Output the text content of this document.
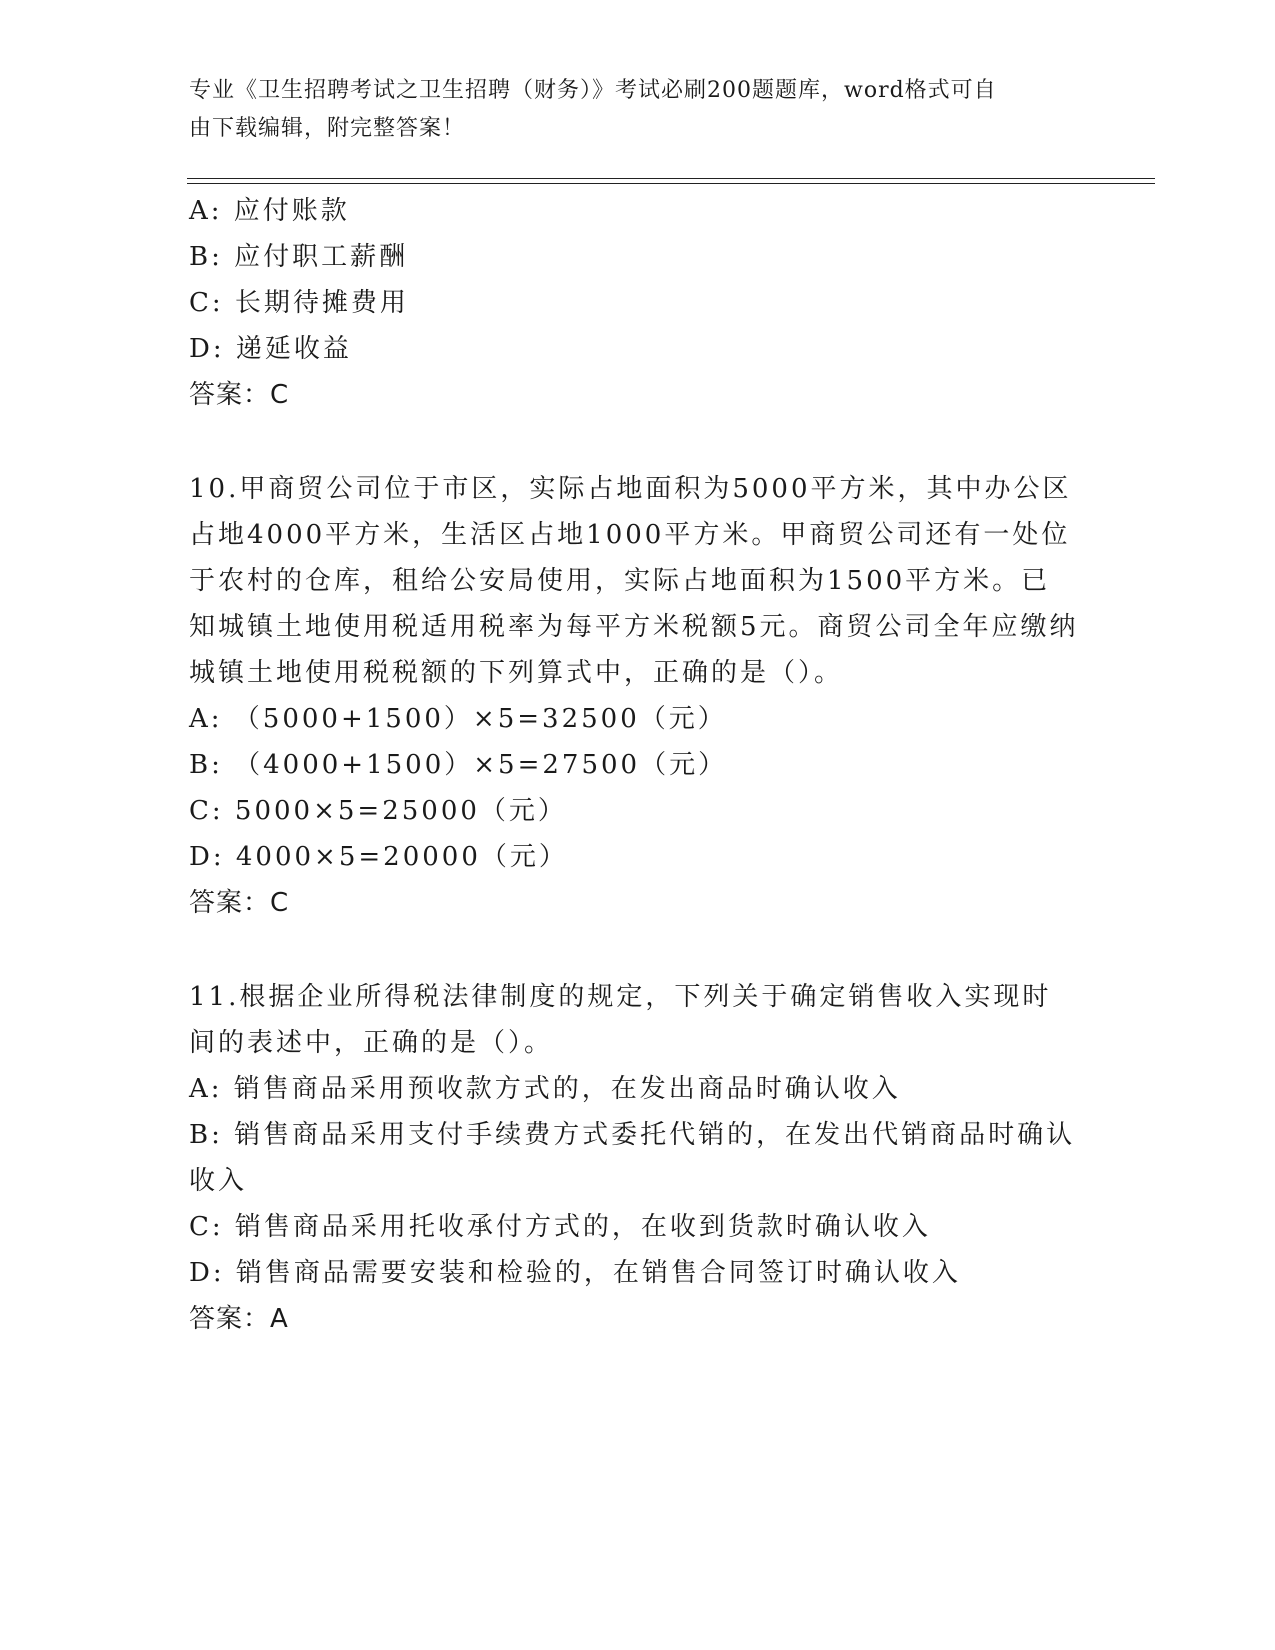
专业《卫生招聘考试之卫生招聘（财务）》考试必刷200题题库，word格式可自
由下载编辑，附完整答案！
A: 应付账款
B: 应付职工薪酬
C: 长期待摊费用
D: 递延收益
答案：C
10.甲商贸公司位于市区，实际占地面积为5000平方米，其中办公区占地4000平方米，生活区占地1000平方米。甲商贸公司还有一处位于农村的仓库，租给公安局使用，实际占地面积为1500平方米。已知城镇土地使用税适用税率为每平方米税额5元。商贸公司全年应缴纳城镇土地使用税税额的下列算式中，正确的是（）。
A: （5000+1500）×5=32500（元）
B: （4000+1500）×5=27500（元）
C: 5000×5=25000（元）
D: 4000×5=20000（元）
答案：C
11.根据企业所得税法律制度的规定，下列关于确定销售收入实现时间的表述中，正确的是（）。
A: 销售商品采用预收款方式的，在发出商品时确认收入
B: 销售商品采用支付手续费方式委托代销的，在发出代销商品时确认收入
C: 销售商品采用托收承付方式的，在收到货款时确认收入
D: 销售商品需要安装和检验的，在销售合同签订时确认收入
答案：A
